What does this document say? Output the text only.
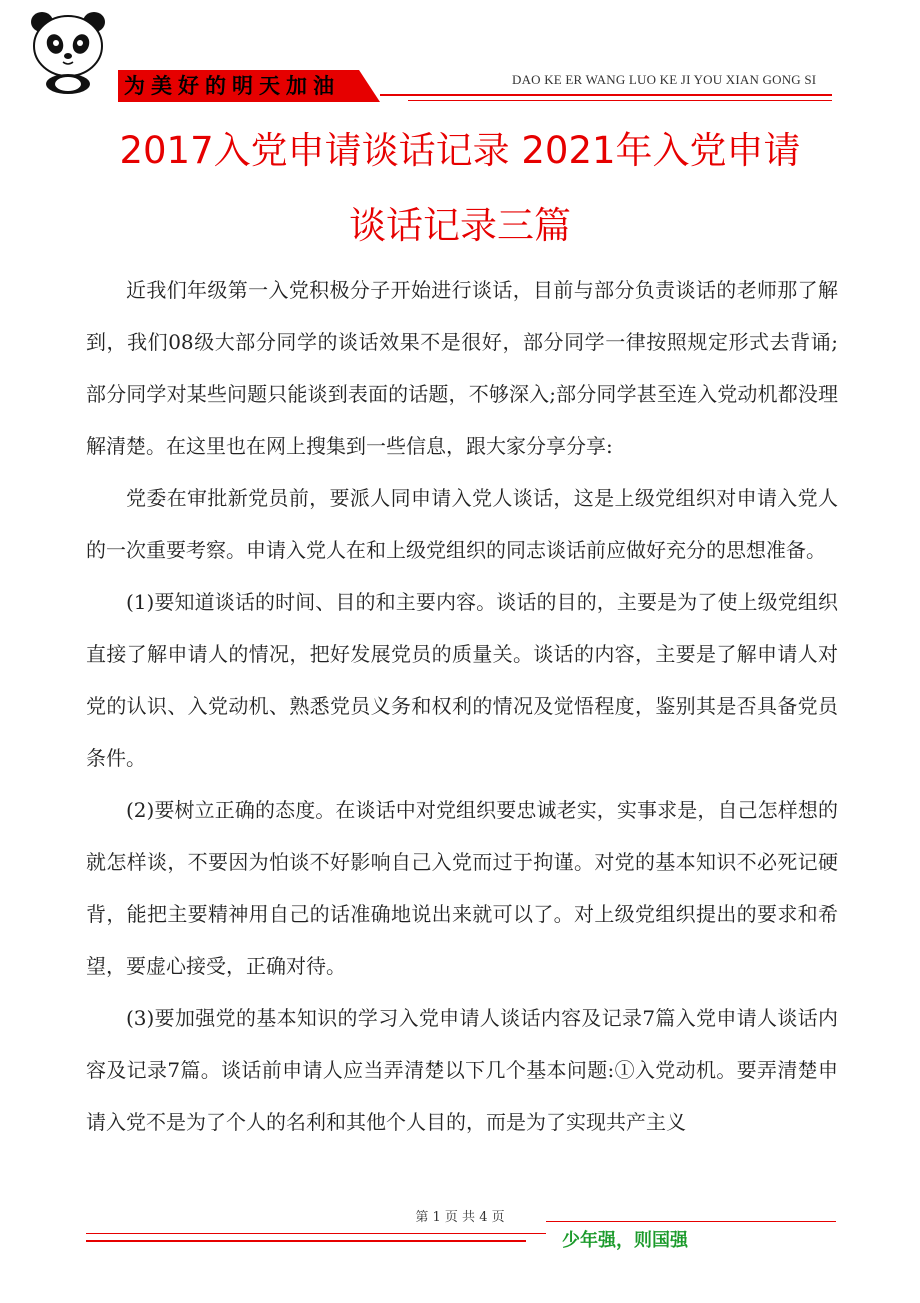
为美好的明天加油	DAO KE ER WANG LUO KE JI YOU XIAN GONG SI
2017入党申请谈话记录 2021年入党申请
谈话记录三篇

近我们年级第一入党积极分子开始进行谈话，目前与部分负责谈话的老师那了解到，我们08级大部分同学的谈话效果不是很好，部分同学一律按照规定形式去背诵;部分同学对某些问题只能谈到表面的话题，不够深入;部分同学甚至连入党动机都没理解清楚。在这里也在网上搜集到一些信息，跟大家分享分享:

党委在审批新党员前，要派人同申请入党人谈话，这是上级党组织对申请入党人的一次重要考察。申请入党人在和上级党组织的同志谈话前应做好充分的思想准备。

(1)要知道谈话的时间、目的和主要内容。谈话的目的，主要是为了使上级党组织直接了解申请人的情况，把好发展党员的质量关。谈话的内容，主要是了解申请人对党的认识、入党动机、熟悉党员义务和权利的情况及觉悟程度，鉴别其是否具备党员条件。

(2)要树立正确的态度。在谈话中对党组织要忠诚老实，实事求是，自己怎样想的就怎样谈，不要因为怕谈不好影响自己入党而过于拘谨。对党的基本知识不必死记硬背，能把主要精神用自己的话准确地说出来就可以了。对上级党组织提出的要求和希望，要虚心接受，正确对待。

(3)要加强党的基本知识的学习入党申请人谈话内容及记录7篇入党申请人谈话内容及记录7篇。谈话前申请人应当弄清楚以下几个基本问题:①入党动机。要弄清楚申请入党不是为了个人的名利和其他个人目的，而是为了实现共产主义

第 1 页 共 4 页
少年强，则国强
